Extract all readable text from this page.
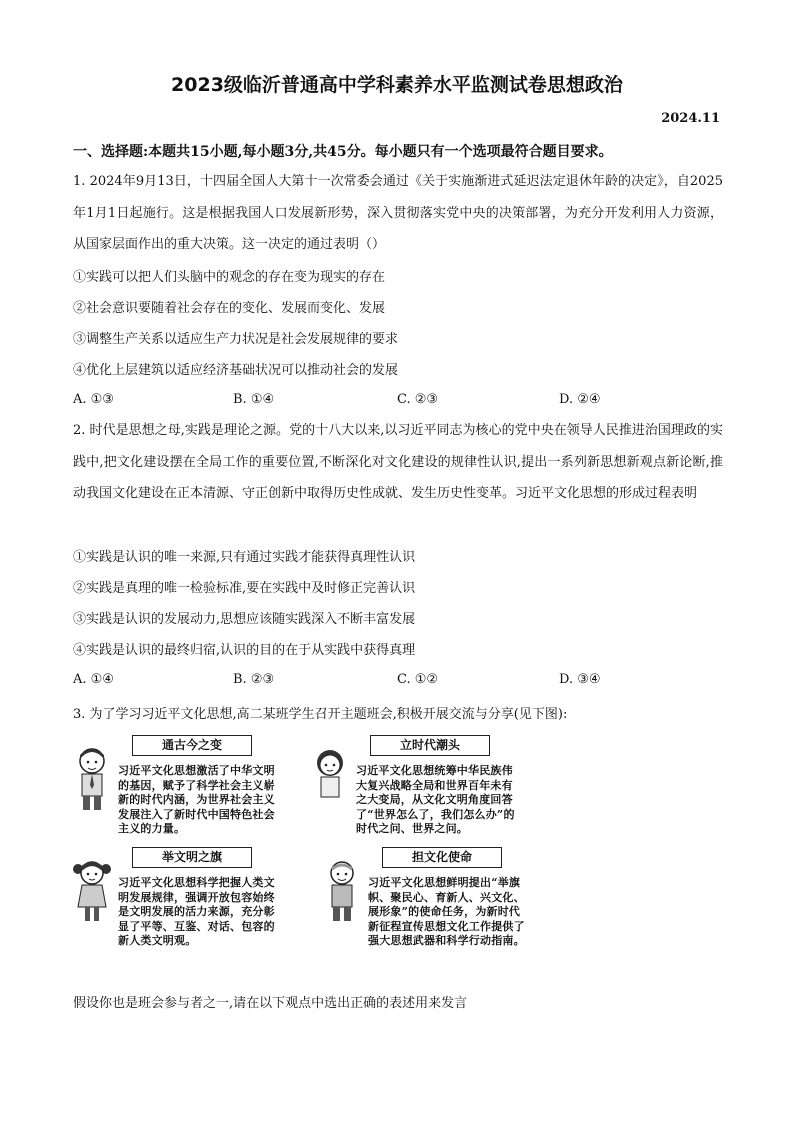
2023级临沂普通高中学科素养水平监测试卷思想政治
2024.11
一、选择题:本题共15小题,每小题3分,共45分。每小题只有一个选项最符合题目要求。
1. 2024年9月13日，十四届全国人大第十一次常委会通过《关于实施渐进式延迟法定退休年龄的决定》，自2025年1月1日起施行。这是根据我国人口发展新形势，深入贯彻落实党中央的决策部署，为充分开发利用人力资源，从国家层面作出的重大决策。这一决定的通过表明（）
①实践可以把人们头脑中的观念的存在变为现实的存在
②社会意识要随着社会存在的变化、发展而变化、发展
③调整生产关系以适应生产力状况是社会发展规律的要求
④优化上层建筑以适应经济基础状况可以推动社会的发展
A. ①③	B. ①④	C. ②③	D. ②④
2. 时代是思想之母,实践是理论之源。党的十八大以来,以习近平同志为核心的党中央在领导人民推进治国理政的实践中,把文化建设摆在全局工作的重要位置,不断深化对文化建设的规律性认识,提出一系列新思想新观点新论断,推动我国文化建设在正本清源、守正创新中取得历史性成就、发生历史性变革。习近平文化思想的形成过程表明
①实践是认识的唯一来源,只有通过实践才能获得真理性认识
②实践是真理的唯一检验标准,要在实践中及时修正完善认识
③实践是认识的发展动力,思想应该随实践深入不断丰富发展
④实践是认识的最终归宿,认识的目的在于从实践中获得真理
A. ①④	B. ②③	C. ①②	D. ③④
3. 为了学习习近平文化思想,高二某班学生召开主题班会,积极开展交流与分享(见下图):
通古今之变
习近平文化思想激活了中华文明的基因，赋予了科学社会主义崭新的时代内涵，为世界社会主义发展注入了新时代中国特色社会主义的力量。
立时代潮头
习近平文化思想统筹中华民族伟大复兴战略全局和世界百年未有之大变局，从文化文明角度回答了“世界怎么了，我们怎么办”的时代之问、世界之问。
举文明之旗
习近平文化思想科学把握人类文明发展规律，强调开放包容始终是文明发展的活力来源，充分彰显了平等、互鉴、对话、包容的新人类文明观。
担文化使命
习近平文化思想鲜明提出“举旗帜、聚民心、育新人、兴文化、展形象”的使命任务，为新时代新征程宣传思想文化工作提供了强大思想武器和科学行动指南。
假设你也是班会参与者之一,请在以下观点中选出正确的表述用来发言
